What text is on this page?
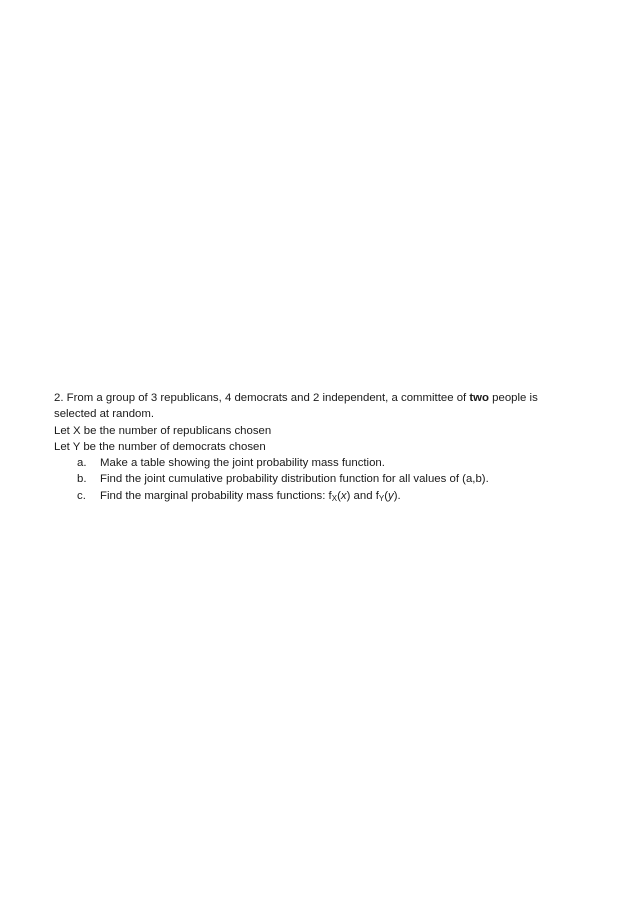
2. From a group of 3 republicans, 4 democrats and 2 independent, a committee of two people is

selected at random.

Let X be the number of republicans chosen

Let Y be the number of democrats chosen

a. Make a table showing the joint probability mass function.
b. Find the joint cumulative probability distribution function for all values of (a,b).
c. Find the marginal probability mass functions: $f_X(x)$ and $f_Y(y)$.
